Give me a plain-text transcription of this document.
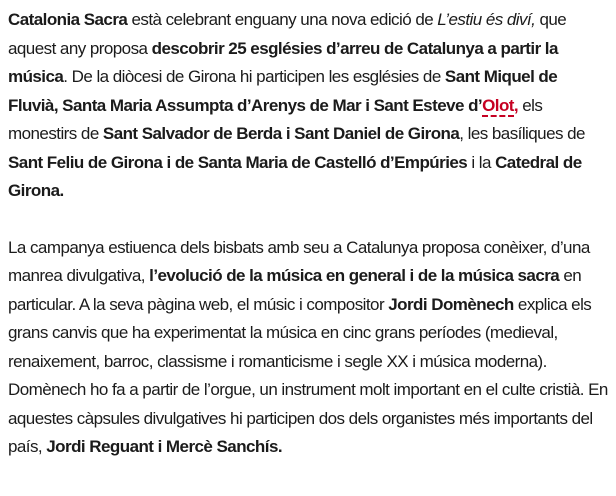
Catalonia Sacra està celebrant enguany una nova edició de L’estiu és diví, que aquest any proposa descobrir 25 esglésies d’arreu de Catalunya a partir la música. De la diòcesi de Girona hi participen les esglésies de Sant Miquel de Fluvià, Santa Maria Assumpta d’Arenys de Mar i Sant Esteve d’Olot, els monestirs de Sant Salvador de Berda i Sant Daniel de Girona, les basíliques de Sant Feliu de Girona i de Santa Maria de Castelló d’Empúries i la Catedral de Girona.

La campanya estiuenca dels bisbats amb seu a Catalunya proposa conèixer, d’una manrea divulgativa, l’evolució de la música en general i de la música sacra en particular. A la seva pàgina web, el músic i compositor Jordi Domènech explica els grans canvis que ha experimentat la música en cinc grans períodes (medieval, renaixement, barroc, classisme i romanticisme i segle XX i música moderna). Domènech ho fa a partir de l’orgue, un instrument molt important en el culte cristià. En aquestes càpsules divulgatives hi participen dos dels organistes més importants del país, Jordi Reguant i Mercè Sanchís.
